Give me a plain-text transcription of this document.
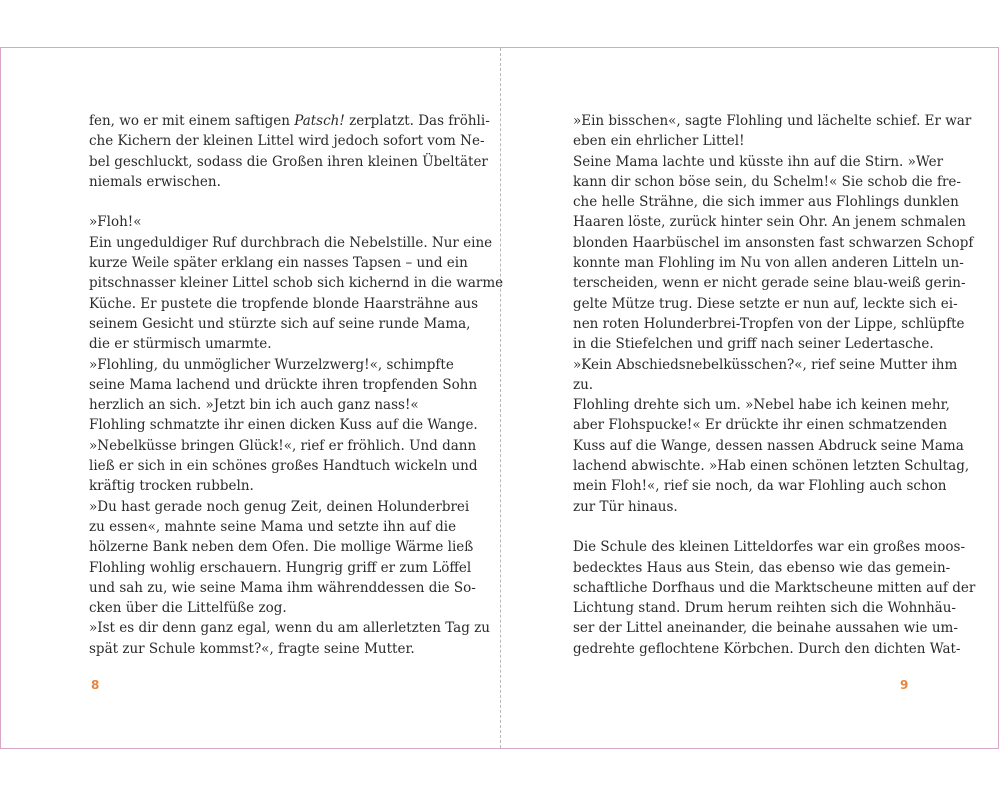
fen, wo er mit einem saftigen Patsch! zerplatzt. Das fröhli-
che Kichern der kleinen Littel wird jedoch sofort vom Ne-
bel geschluckt, sodass die Großen ihren kleinen Übeltäter
niemals erwischen.
»Floh!«
Ein ungeduldiger Ruf durchbrach die Nebelstille. Nur eine
kurze Weile später erklang ein nasses Tapsen – und ein
pitschnasser kleiner Littel schob sich kichernd in die warme
Küche. Er pustete die tropfende blonde Haarsträhne aus
seinem Gesicht und stürzte sich auf seine runde Mama,
die er stürmisch umarmte.
»Flohling, du unmöglicher Wurzelzwerg!«, schimpfte
seine Mama lachend und drückte ihren tropfenden Sohn
herzlich an sich. »Jetzt bin ich auch ganz nass!«
Flohling schmatzte ihr einen dicken Kuss auf die Wange.
»Nebelküsse bringen Glück!«, rief er fröhlich. Und dann
ließ er sich in ein schönes großes Handtuch wickeln und
kräftig trocken rubbeln.
»Du hast gerade noch genug Zeit, deinen Holunderbrei
zu essen«, mahnte seine Mama und setzte ihn auf die
hölzerne Bank neben dem Ofen. Die mollige Wärme ließ
Flohling wohlig erschauern. Hungrig griff er zum Löffel
und sah zu, wie seine Mama ihm währenddessen die So-
cken über die Littelfüße zog.
»Ist es dir denn ganz egal, wenn du am allerletzten Tag zu
spät zur Schule kommst?«, fragte seine Mutter.
»Ein bisschen«, sagte Flohling und lächelte schief. Er war
eben ein ehrlicher Littel!
Seine Mama lachte und küsste ihn auf die Stirn. »Wer
kann dir schon böse sein, du Schelm!« Sie schob die fre-
che helle Strähne, die sich immer aus Flohlings dunklen
Haaren löste, zurück hinter sein Ohr. An jenem schmalen
blonden Haarbüschel im ansonsten fast schwarzen Schopf
konnte man Flohling im Nu von allen anderen Litteln un-
terscheiden, wenn er nicht gerade seine blau-weiß gerin-
gelte Mütze trug. Diese setzte er nun auf, leckte sich ei-
nen roten Holunderbrei-Tropfen von der Lippe, schlüpfte
in die Stiefelchen und griff nach seiner Ledertasche.
»Kein Abschiedsnebelküsschen?«, rief seine Mutter ihm
zu.
Flohling drehte sich um. »Nebel habe ich keinen mehr,
aber Flohspucke!« Er drückte ihr einen schmatzenden
Kuss auf die Wange, dessen nassen Abdruck seine Mama
lachend abwischte. »Hab einen schönen letzten Schultag,
mein Floh!«, rief sie noch, da war Flohling auch schon
zur Tür hinaus.
Die Schule des kleinen Litteldorfes war ein großes moos-
bedecktes Haus aus Stein, das ebenso wie das gemein-
schaftliche Dorfhaus und die Marktscheune mitten auf der
Lichtung stand. Drum herum reihten sich die Wohnhäu-
ser der Littel aneinander, die beinahe aussahen wie um-
gedrehte geflochtene Körbchen. Durch den dichten Wat-
8	9
